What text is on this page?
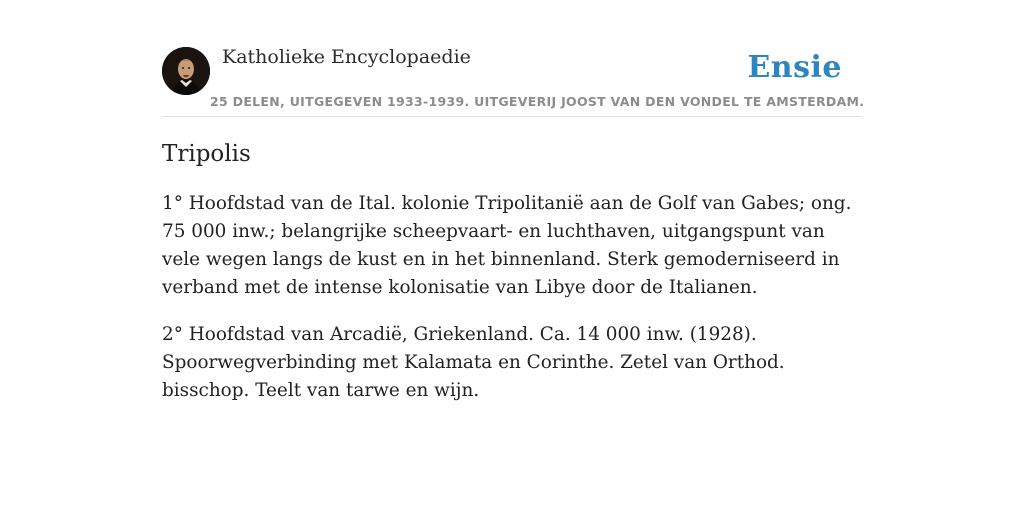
Katholieke Encyclopaedie	Ensie
25 DELEN, UITGEGEVEN 1933-1939. UITGEVERIJ JOOST VAN DEN VONDEL TE AMSTERDAM.
Tripolis

1° Hoofdstad van de Ital. kolonie Tripolitanië aan de Golf van Gabes; ong. 75 000 inw.; belangrijke scheepvaart- en luchthaven, uitgangspunt van vele wegen langs de kust en in het binnenland. Sterk gemoderniseerd in verband met de intense kolonisatie van Libye door de Italianen.

2° Hoofdstad van Arcadië, Griekenland. Ca. 14 000 inw. (1928). Spoorwegverbinding met Kalamata en Corinthe. Zetel van Orthod. bisschop. Teelt van tarwe en wijn.
